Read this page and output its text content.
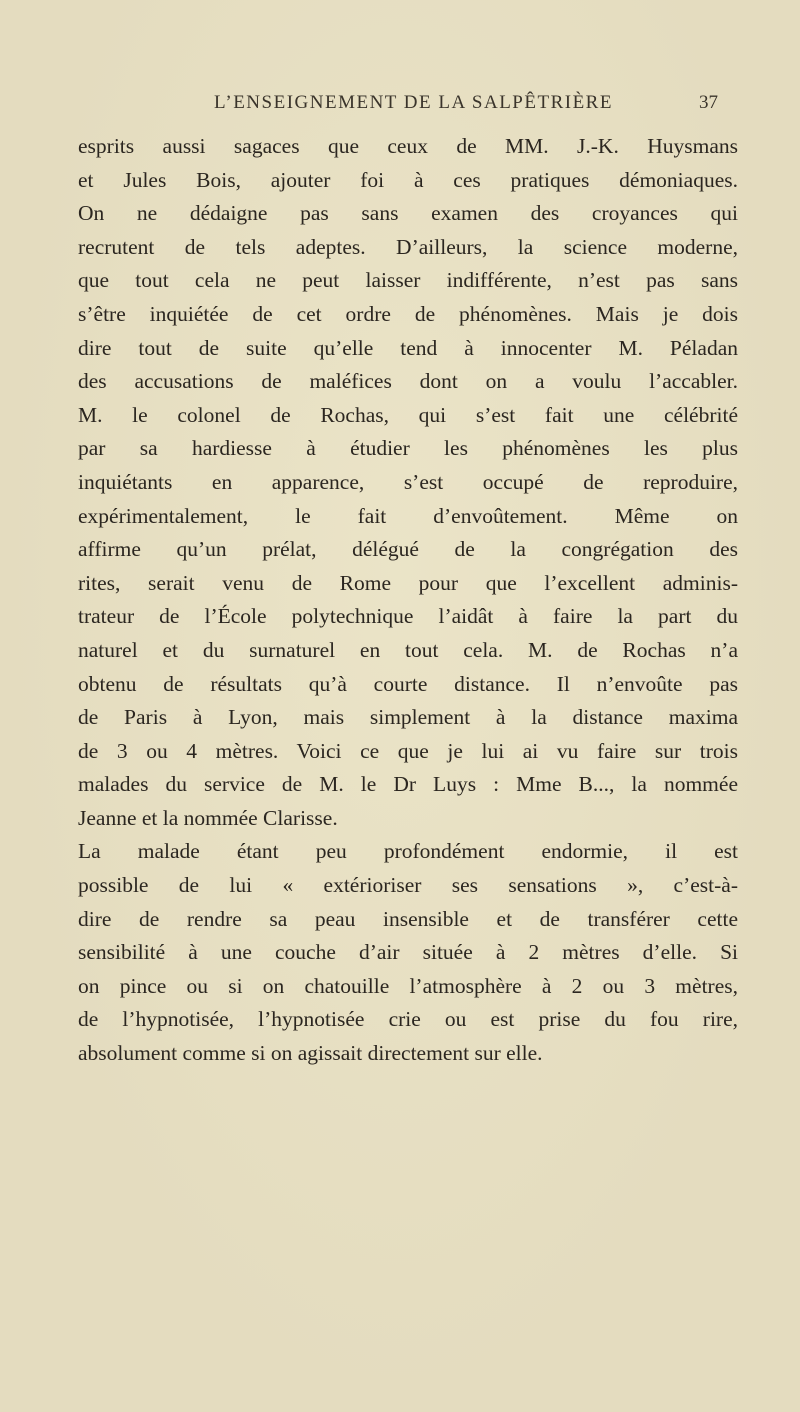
L’ENSEIGNEMENT DE LA SALPÊTRIÈRE	37
esprits aussi sagaces que ceux de MM. J.-K. Huysmans
et Jules Bois, ajouter foi à ces pratiques démoniaques.
On ne dédaigne pas sans examen des croyances qui
recrutent de tels adeptes. D’ailleurs, la science moderne,
que tout cela ne peut laisser indifférente, n’est pas sans
s’être inquiétée de cet ordre de phénomènes. Mais je dois
dire tout de suite qu’elle tend à innocenter M. Péladan
des accusations de maléfices dont on a voulu l’accabler.
M. le colonel de Rochas, qui s’est fait une célébrité
par sa hardiesse à étudier les phénomènes les plus
inquiétants en apparence, s’est occupé de reproduire,
expérimentalement, le fait d’envoûtement. Même on
affirme qu’un prélat, délégué de la congrégation des
rites, serait venu de Rome pour que l’excellent adminis-
trateur de l’École polytechnique l’aidât à faire la part du
naturel et du surnaturel en tout cela. M. de Rochas n’a
obtenu de résultats qu’à courte distance. Il n’envoûte pas
de Paris à Lyon, mais simplement à la distance maxima
de 3 ou 4 mètres. Voici ce que je lui ai vu faire sur trois
malades du service de M. le Dr Luys : Mme B..., la nommée
Jeanne et la nommée Clarisse.
La malade étant peu profondément endormie, il est
possible de lui « extérioriser ses sensations », c’est-à-
dire de rendre sa peau insensible et de transférer cette
sensibilité à une couche d’air située à 2 mètres d’elle. Si
on pince ou si on chatouille l’atmosphère à 2 ou 3 mètres,
de l’hypnotisée, l’hypnotisée crie ou est prise du fou rire,
absolument comme si on agissait directement sur elle.
